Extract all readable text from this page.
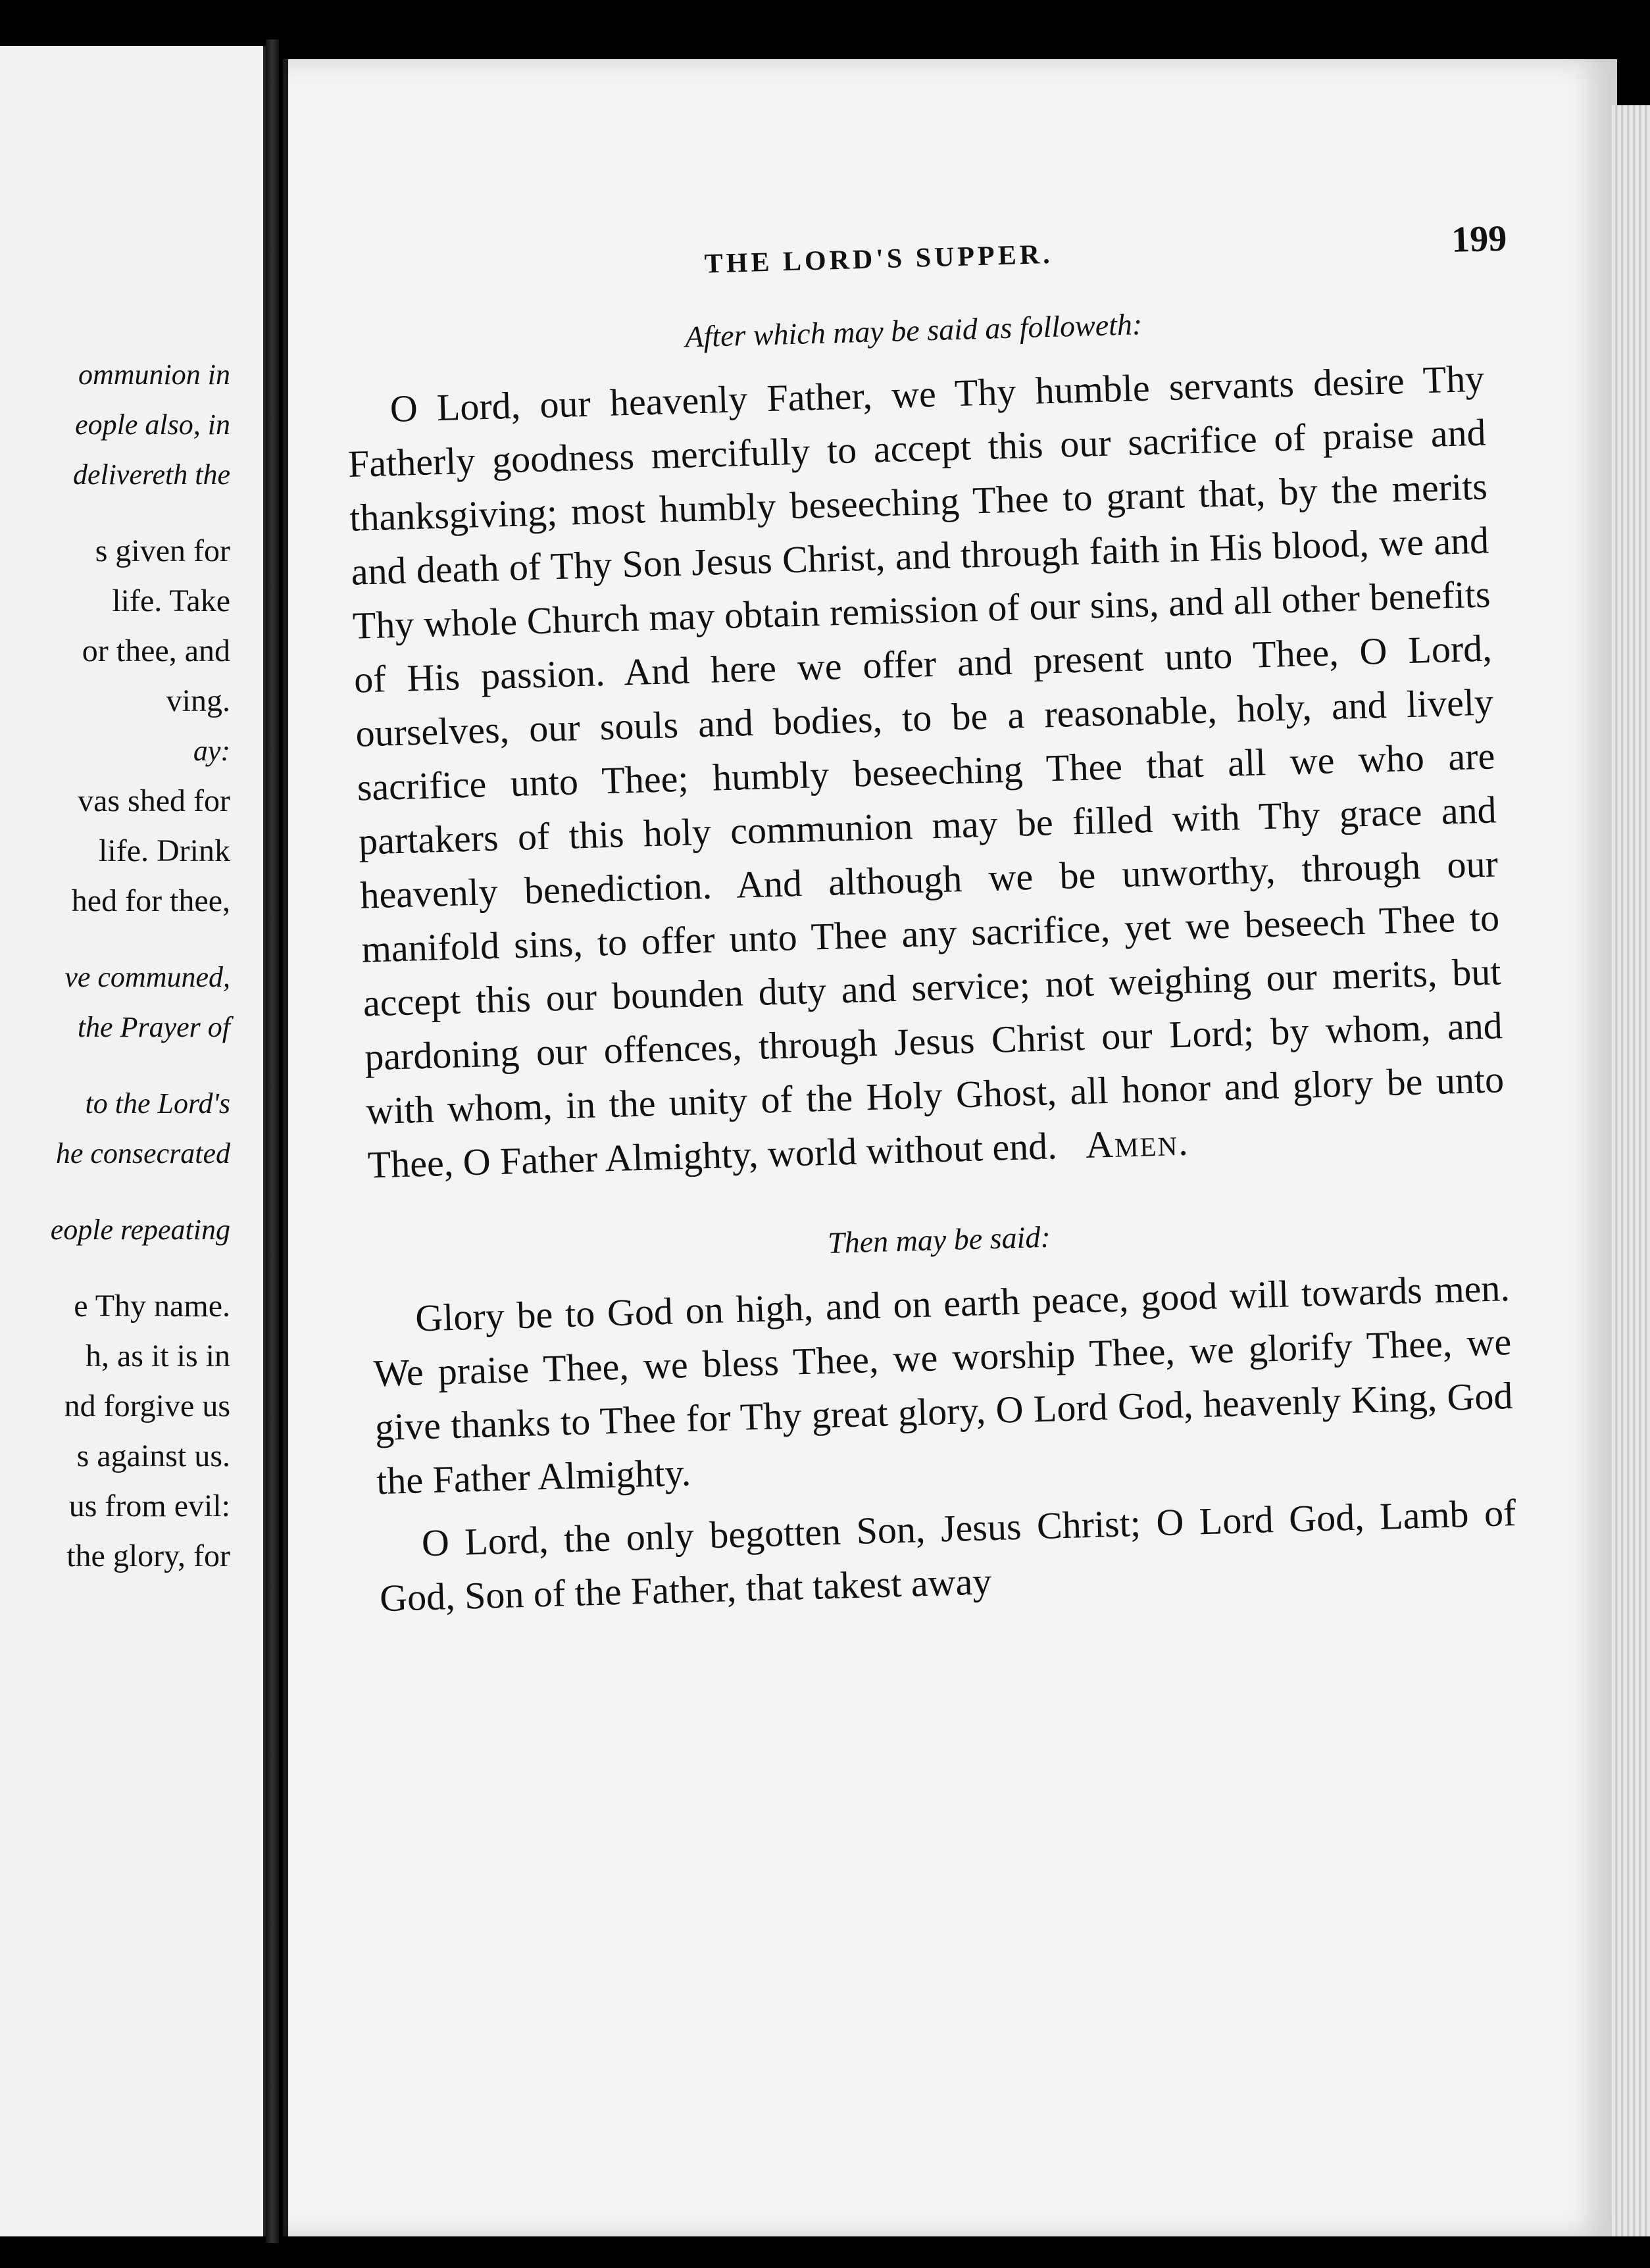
ommunion in
eople also, in
delivereth the
s given for
life. Take
or thee, and
ving.
ay:
vas shed for
life. Drink
hed for thee,
ve communed,
the Prayer of
to the Lord's
he consecrated
eople repeating
e Thy name.
h, as it is in
nd forgive us
s against us.
us from evil:
the glory, for
THE LORD'S SUPPER.	199
After which may be said as followeth:

O Lord, our heavenly Father, we Thy humble servants desire Thy Fatherly goodness mercifully to accept this our sacrifice of praise and thanksgiving; most humbly beseeching Thee to grant that, by the merits and death of Thy Son Jesus Christ, and through faith in His blood, we and Thy whole Church may obtain remission of our sins, and all other benefits of His passion. And here we offer and present unto Thee, O Lord, ourselves, our souls and bodies, to be a reasonable, holy, and lively sacrifice unto Thee; humbly beseeching Thee that all we who are partakers of this holy communion may be filled with Thy grace and heavenly benediction. And although we be unworthy, through our manifold sins, to offer unto Thee any sacrifice, yet we beseech Thee to accept this our bounden duty and service; not weighing our merits, but pardoning our offences, through Jesus Christ our Lord; by whom, and with whom, in the unity of the Holy Ghost, all honor and glory be unto Thee, O Father Almighty, world without end. Amen.

Then may be said:

Glory be to God on high, and on earth peace, good will towards men. We praise Thee, we bless Thee, we worship Thee, we glorify Thee, we give thanks to Thee for Thy great glory, O Lord God, heavenly King, God the Father Almighty.

O Lord, the only begotten Son, Jesus Christ; O Lord God, Lamb of God, Son of the Father, that takest away
